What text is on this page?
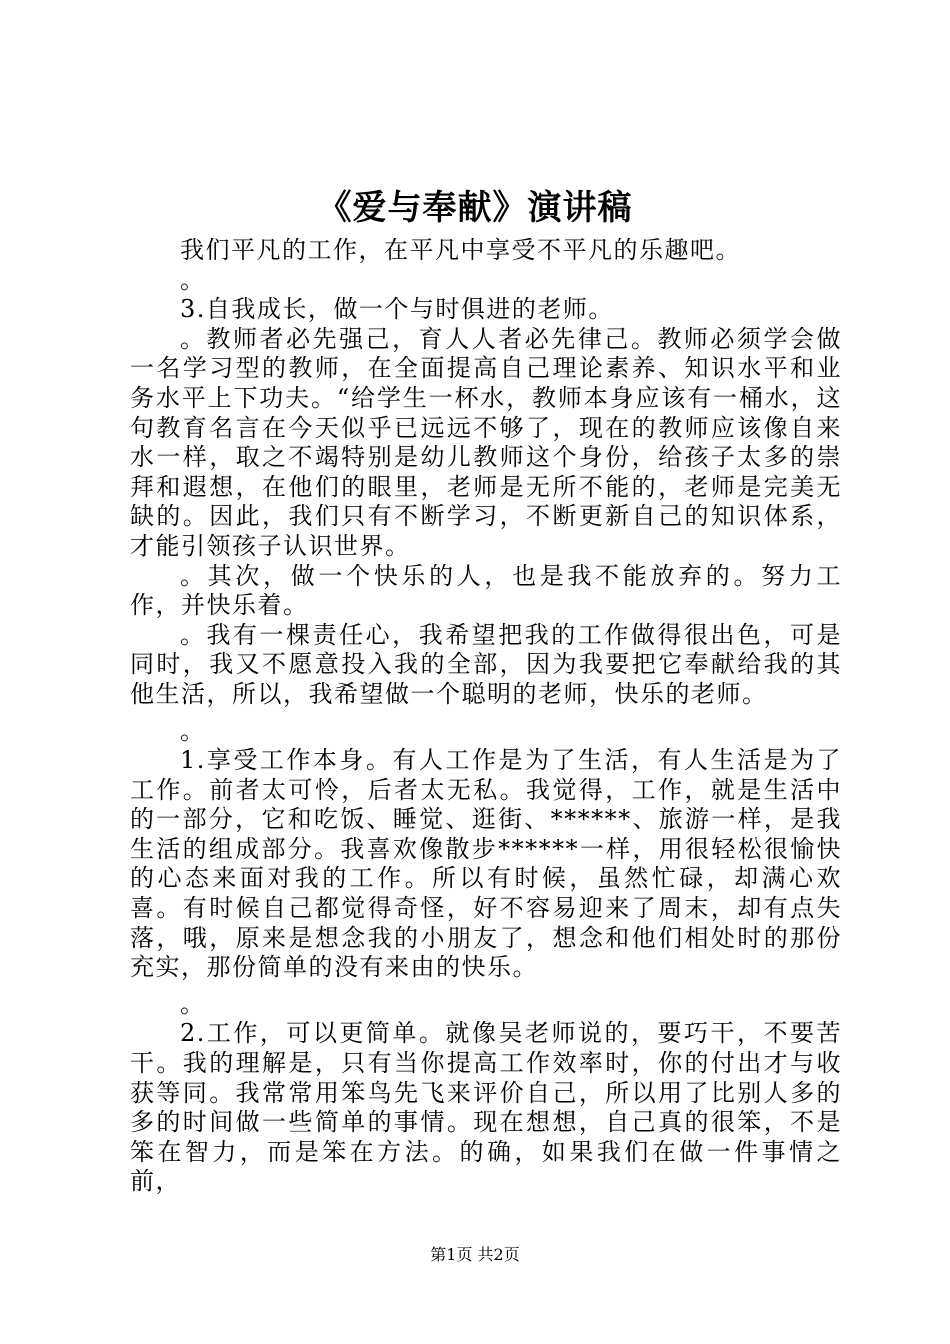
《爱与奉献》演讲稿

我们平凡的工作，在平凡中享受不平凡的乐趣吧。

。

3.自我成长，做一个与时俱进的老师。

。教师者必先强己，育人人者必先律己。教师必须学会做一名学习型的教师，在全面提高自己理论素养、知识水平和业务水平上下功夫。“给学生一杯水，教师本身应该有一桶水，这句教育名言在今天似乎已远远不够了，现在的教师应该像自来水一样，取之不竭特别是幼儿教师这个身份，给孩子太多的崇拜和遐想，在他们的眼里，老师是无所不能的，老师是完美无缺的。因此，我们只有不断学习，不断更新自己的知识体系，才能引领孩子认识世界。

。其次，做一个快乐的人，也是我不能放弃的。努力工作，并快乐着。

。我有一棵责任心，我希望把我的工作做得很出色，可是同时，我又不愿意投入我的全部，因为我要把它奉献给我的其他生活，所以，我希望做一个聪明的老师，快乐的老师。

。

1.享受工作本身。有人工作是为了生活，有人生活是为了工作。前者太可怜，后者太无私。我觉得，工作，就是生活中的一部分，它和吃饭、睡觉、逛街、******、旅游一样，是我生活的组成部分。我喜欢像散步******一样，用很轻松很愉快的心态来面对我的工作。所以有时候，虽然忙碌，却满心欢喜。有时候自己都觉得奇怪，好不容易迎来了周末，却有点失落，哦，原来是想念我的小朋友了，想念和他们相处时的那份充实，那份简单的没有来由的快乐。

。

2.工作，可以更简单。就像吴老师说的，要巧干，不要苦干。我的理解是，只有当你提高工作效率时，你的付出才与收获等同。我常常用笨鸟先飞来评价自己，所以用了比别人多的多的时间做一些简单的事情。现在想想，自己真的很笨，不是笨在智力，而是笨在方法。的确，如果我们在做一件事情之前，

第1页 共2页
